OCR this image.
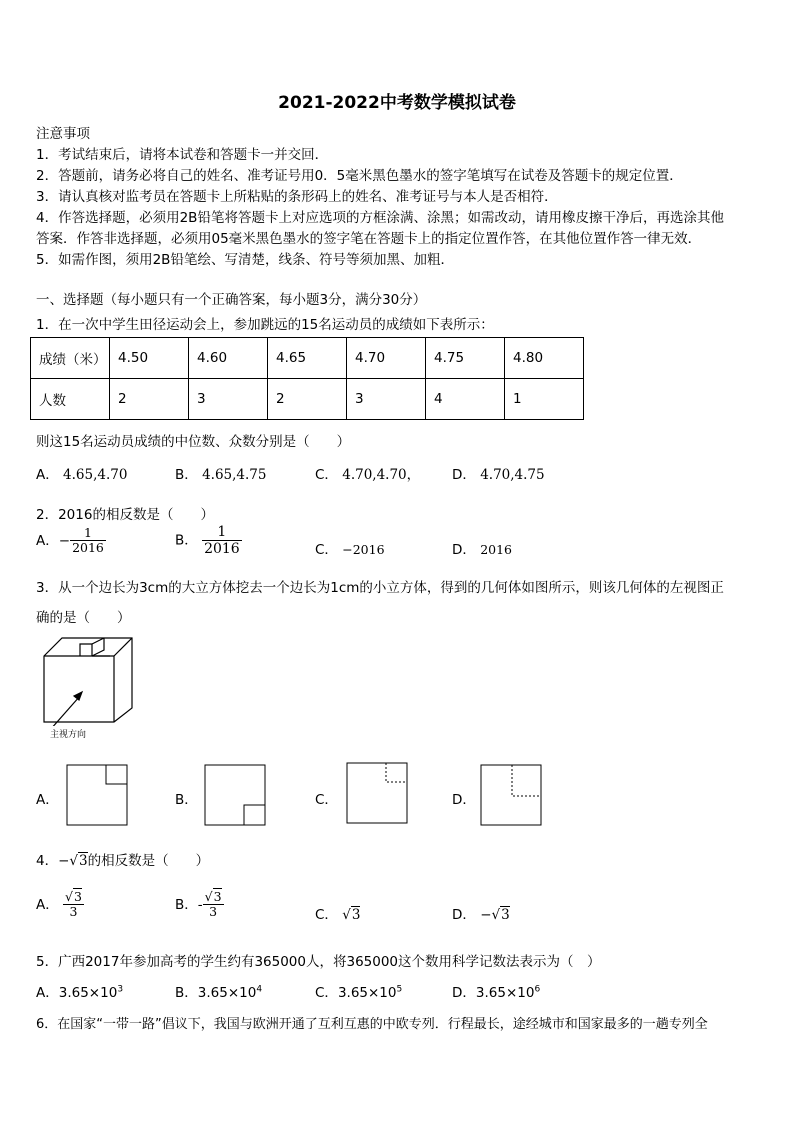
2021-2022中考数学模拟试卷
注意事项
1．考试结束后，请将本试卷和答题卡一并交回．
2．答题前，请务必将自己的姓名、准考证号用0．5毫米黑色墨水的签字笔填写在试卷及答题卡的规定位置．
3．请认真核对监考员在答题卡上所粘贴的条形码上的姓名、准考证号与本人是否相符．
4．作答选择题，必须用2B铅笔将答题卡上对应选项的方框涂满、涂黑；如需改动，请用橡皮擦干净后，再选涂其他
答案．作答非选择题，必须用05毫米黑色墨水的签字笔在答题卡上的指定位置作答，在其他位置作答一律无效．
5．如需作图，须用2B铅笔绘、写清楚，线条、符号等须加黑、加粗．
一、选择题（每小题只有一个正确答案，每小题3分，满分30分）
1．在一次中学生田径运动会上，参加跳远的15名运动员的成绩如下表所示：
成绩（米）	4.50	4.60	4.65	4.70	4.75	4.80
人数	2	3	2	3	4	1
则这15名运动员成绩的中位数、众数分别是（　　）
A． 4.65,4.70	B． 4.65,4.75	C． 4.70,4.70， D． 4.70,4.75
2．2016的相反数是（　　）
A．− $\frac{1}{2016}$	B． $\frac{1}{2016}$	C． −2016	D． 2016
3．从一个边长为3cm的大立方体挖去一个边长为1cm的小立方体，得到的几何体如图所示，则该几何体的左视图正
确的是（　　）
主视方向
A．	B．	C．	D．
4．−√3的相反数是（　　）
A． $\frac{√3}{3}$	B．- $\frac{√3}{3}$	C． √3	D． −√3
5．广西2017年参加高考的学生约有365000人，将365000这个数用科学记数法表示为（　）
A．$3.65\times 10^3$	B．$3.65\times 10^4$	C．$3.65\times 10^5$	D．$3.65\times 10^6$
6．在国家“一带一路”倡议下，我国与欧洲开通了互利互惠的中欧专列．行程最长，途经城市和国家最多的一趟专列全
